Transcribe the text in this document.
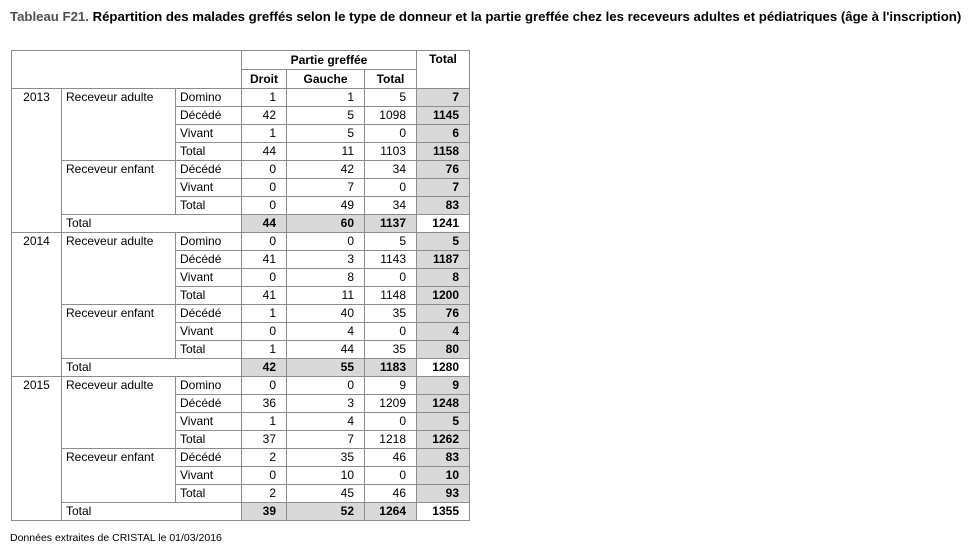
Tableau F21. Répartition des malades greffés selon le type de donneur et la partie greffée chez les receveurs adultes et pédiatriques (âge à l'inscription)
			Partie greffée			Total
			Droit	Gauche	Total	
2013	Receveur adulte	Domino	1	1	5	7
		Décédé	42	5	1098	1145
		Vivant	1	5	0	6
		Total	44	11	1103	1158
	Receveur enfant	Décédé	0	42	34	76
		Vivant	0	7	0	7
		Total	0	49	34	83
	Total		44	60	1137	1241
2014	Receveur adulte	Domino	0	0	5	5
		Décédé	41	3	1143	1187
		Vivant	0	8	0	8
		Total	41	11	1148	1200
	Receveur enfant	Décédé	1	40	35	76
		Vivant	0	4	0	4
		Total	1	44	35	80
	Total		42	55	1183	1280
2015	Receveur adulte	Domino	0	0	9	9
		Décédé	36	3	1209	1248
		Vivant	1	4	0	5
		Total	37	7	1218	1262
	Receveur enfant	Décédé	2	35	46	83
		Vivant	0	10	0	10
		Total	2	45	46	93
	Total		39	52	1264	1355
Données extraites de CRISTAL le 01/03/2016
